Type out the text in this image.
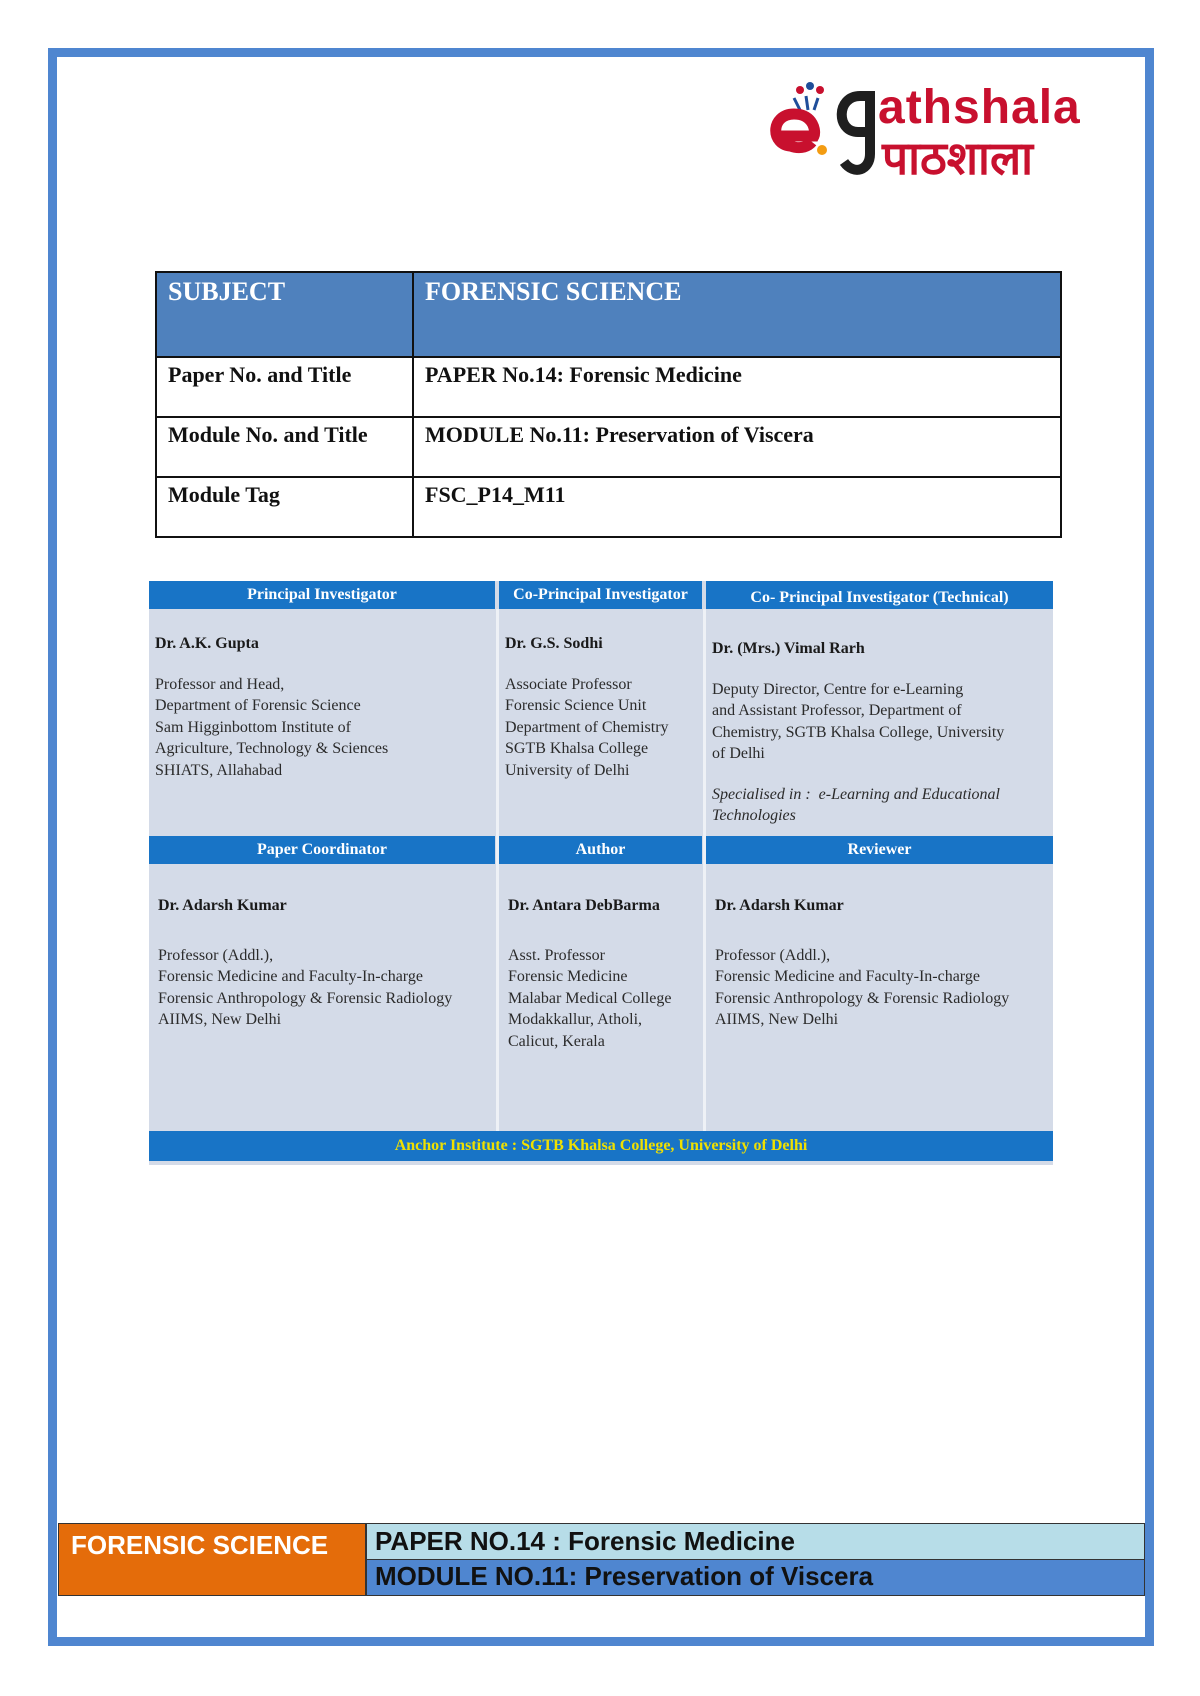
athshala
पाठशाला
SUBJECT	FORENSIC SCIENCE
Paper No. and Title	PAPER No.14: Forensic Medicine
Module No. and Title	MODULE No.11: Preservation of Viscera
Module Tag	FSC_P14_M11
Principal Investigator	Co-Principal Investigator	Co- Principal Investigator (Technical)
Dr. A.K. Gupta
Professor and Head,
Department of Forensic Science
Sam Higginbottom Institute of
Agriculture, Technology & Sciences
SHIATS, Allahabad
Dr. G.S. Sodhi
Associate Professor
Forensic Science Unit
Department of Chemistry
SGTB Khalsa College
University of Delhi
Dr. (Mrs.) Vimal Rarh
Deputy Director, Centre for e-Learning
and Assistant Professor, Department of
Chemistry, SGTB Khalsa College, University
of Delhi
Specialised in : e-Learning and Educational Technologies
Paper Coordinator	Author	Reviewer
Dr. Adarsh Kumar
Professor (Addl.),
Forensic Medicine and Faculty-In-charge
Forensic Anthropology & Forensic Radiology
AIIMS, New Delhi
Dr. Antara DebBarma
Asst. Professor
Forensic Medicine
Malabar Medical College
Modakkallur, Atholi,
Calicut, Kerala
Dr. Adarsh Kumar
Professor (Addl.),
Forensic Medicine and Faculty-In-charge
Forensic Anthropology & Forensic Radiology
AIIMS, New Delhi
Anchor Institute : SGTB Khalsa College, University of Delhi
FORENSIC SCIENCE	PAPER NO.14 : Forensic Medicine
MODULE NO.11: Preservation of Viscera
